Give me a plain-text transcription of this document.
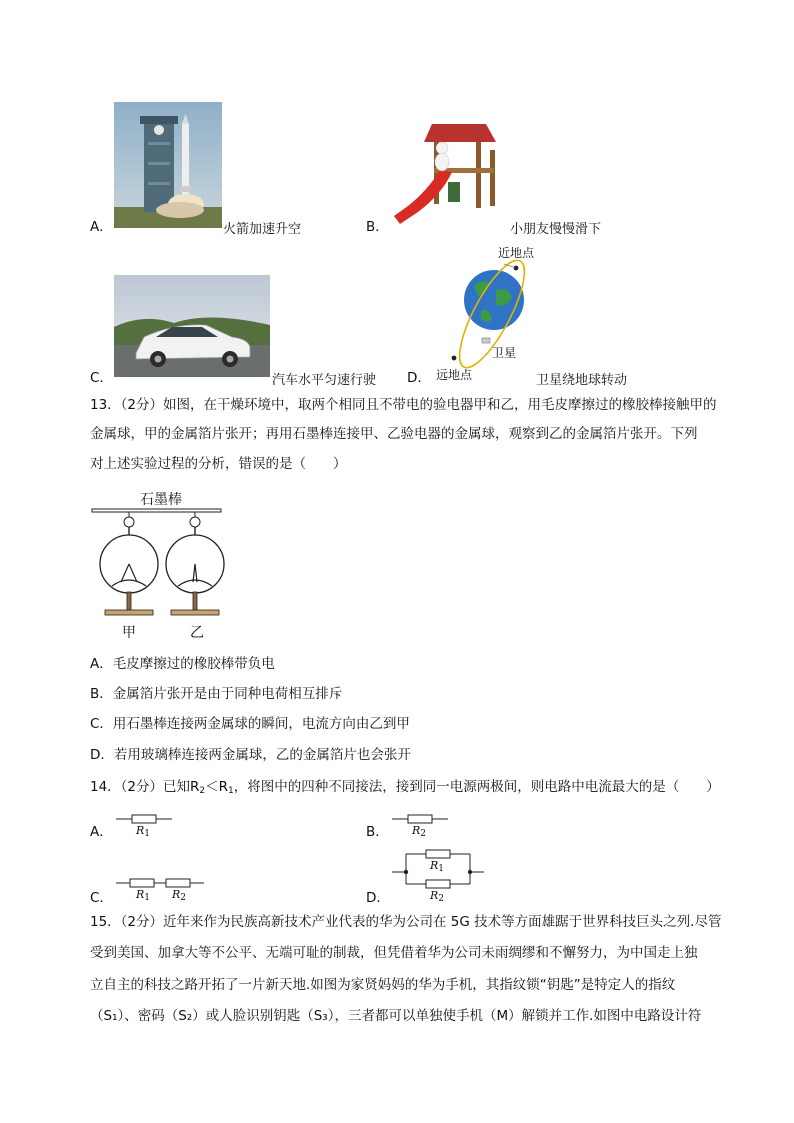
A．	火箭加速升空	B．	小朋友慢慢滑下
C．	汽车水平匀速行驶 D．
近地点
卫星
远地点	卫星绕地球转动
13．（2分）如图，在干燥环境中，取两个相同且不带电的验电器甲和乙，用毛皮摩擦过的橡胶棒接触甲的
金属球，甲的金属箔片张开；再用石墨棒连接甲、乙验电器的金属球，观察到乙的金属箔片张开。下列
对上述实验过程的分析，错误的是（　　）
石墨棒
甲	乙
A．毛皮摩擦过的橡胶棒带负电
B．金属箔片张开是由于同种电荷相互排斥
C．用石墨棒连接两金属球的瞬间，电流方向由乙到甲
D．若用玻璃棒连接两金属球，乙的金属箔片也会张开
14．（2分）已知$R_2<R_1$，将图中的四种不同接法，接到同一电源两极间，则电路中电流最大的是（　　）
A． $R_1$	B． $R_2$
C． $R_1$ $R_2$	D．
$R_1$
$R_2$
15．（2分）近年来作为民族高新技术产业代表的华为公司在 5G 技术等方面雄踞于世界科技巨头之列.尽管
受到美国、加拿大等不公平、无端可耻的制裁，但凭借着华为公司未雨绸缪和不懈努力，为中国走上独
立自主的科技之路开拓了一片新天地.如图为家贤妈妈的华为手机，其指纹锁“钥匙”是特定人的指纹
（S₁）、密码（S₂）或人脸识别钥匙（S₃），三者都可以单独使手机（M）解锁并工作.如图中电路设计符
